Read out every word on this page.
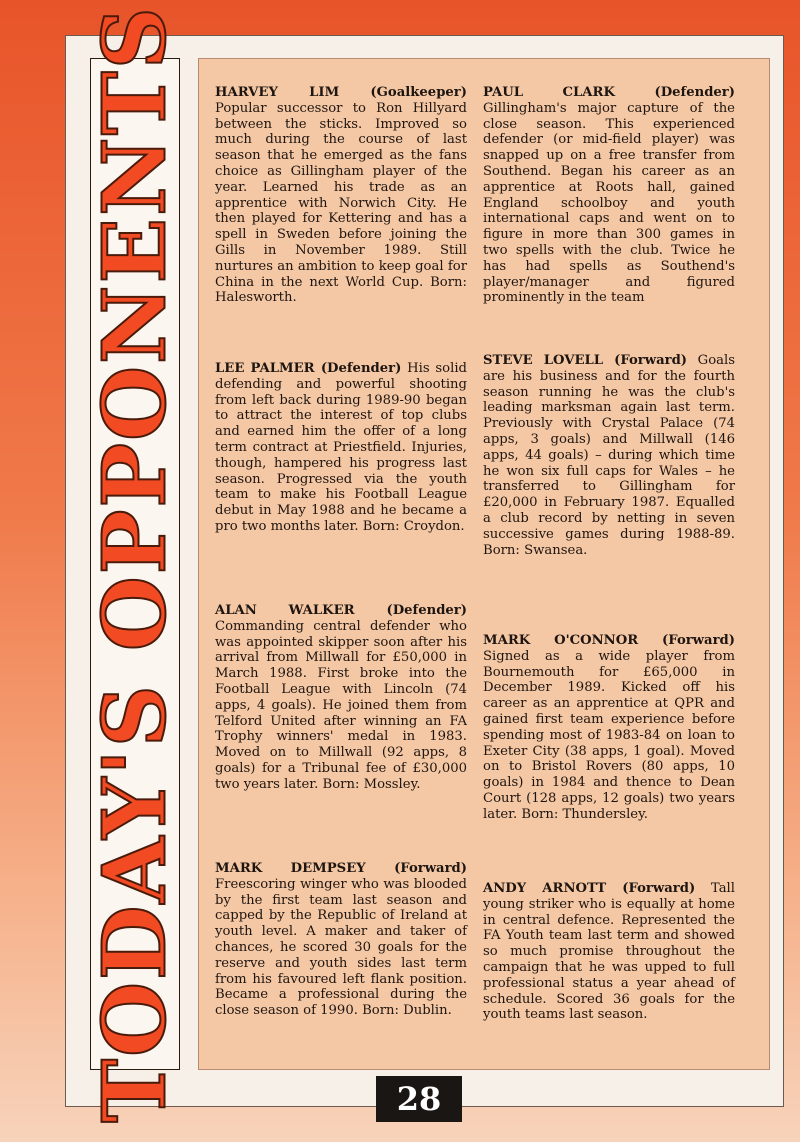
TODAY'S OPPONENTS HARVEY LIM (Goalkeeper) Popular successor to Ron Hillyard between the sticks. Improved so much during the course of last season that he emerged as the fans choice as Gillingham player of the year. Learned his trade as an apprentice with Norwich City. He then played for Kettering and has a spell in Sweden before joining the Gills in November 1989. Still nurtures an ambition to keep goal for China in the next World Cup. Born: Halesworth.

LEE PALMER (Defender) His solid defending and powerful shooting from left back during 1989-90 began to attract the interest of top clubs and earned him the offer of a long term contract at Priestfield. Injuries, though, hampered his progress last season. Progressed via the youth team to make his Football League debut in May 1988 and he became a pro two months later. Born: Croydon.

ALAN WALKER (Defender) Commanding central defender who was appointed skipper soon after his arrival from Millwall for £50,000 in March 1988. First broke into the Football League with Lincoln (74 apps, 4 goals). He joined them from Telford United after winning an FA Trophy winners' medal in 1983. Moved on to Millwall (92 apps, 8 goals) for a Tribunal fee of £30,000 two years later. Born: Mossley.

MARK DEMPSEY (Forward) Freescoring winger who was blooded by the first team last season and capped by the Republic of Ireland at youth level. A maker and taker of chances, he scored 30 goals for the reserve and youth sides last term from his favoured left flank position. Became a professional during the close season of 1990. Born: Dublin.

PAUL CLARK (Defender) Gillingham's major capture of the close season. This experienced defender (or mid-field player) was snapped up on a free transfer from Southend. Began his career as an apprentice at Roots hall, gained England schoolboy and youth international caps and went on to figure in more than 300 games in two spells with the club. Twice he has had spells as Southend's player/manager and figured prominently in the team

STEVE LOVELL (Forward) Goals are his business and for the fourth season running he was the club's leading marksman again last term. Previously with Crystal Palace (74 apps, 3 goals) and Millwall (146 apps, 44 goals) – during which time he won six full caps for Wales – he transferred to Gillingham for £20,000 in February 1987. Equalled a club record by netting in seven successive games during 1988-89. Born: Swansea.

MARK O'CONNOR (Forward) Signed as a wide player from Bournemouth for £65,000 in December 1989. Kicked off his career as an apprentice at QPR and gained first team experience before spending most of 1983-84 on loan to Exeter City (38 apps, 1 goal). Moved on to Bristol Rovers (80 apps, 10 goals) in 1984 and thence to Dean Court (128 apps, 12 goals) two years later. Born: Thundersley.

ANDY ARNOTT (Forward) Tall young striker who is equally at home in central defence. Represented the FA Youth team last term and showed so much promise throughout the campaign that he was upped to full professional status a year ahead of schedule. Scored 36 goals for the youth teams last season.

28
